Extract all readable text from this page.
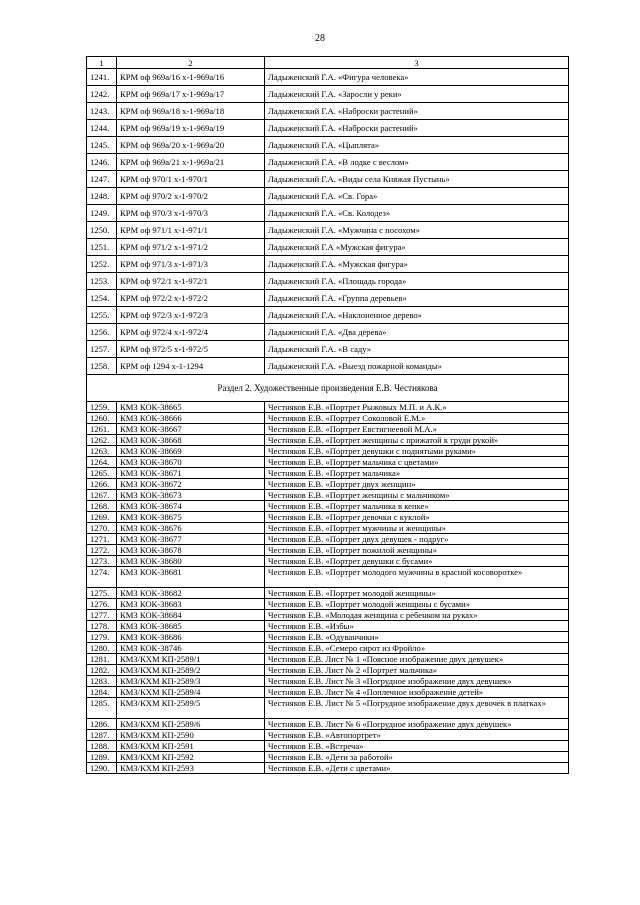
28
1	2	3
1241.	КРМ оф 969а/16 х-1-969а/16	Ладыженский Г.А. «Фигура человека»
1242.	КРМ оф 969а/17 х-1-969а/17	Ладыженский Г.А. «Заросли у реки»
1243.	КРМ оф 969а/18 х-1-969а/18	Ладыженский Г.А. «Наброски растений»
1244.	КРМ оф 969а/19 х-1-969а/19	Ладыженский Г.А. «Наброски растений»
1245.	КРМ оф 969а/20 х-1-969а/20	Ладыженский Г.А. «Цыплята»
1246.	КРМ оф 969а/21 х-1-969а/21	Ладыженский Г.А. «В лодке с веслом»
1247.	КРМ оф 970/1 х-1-970/1	Ладыженский Г.А. «Виды села Княжая Пустынь»
1248.	КРМ оф 970/2 х-1-970/2	Ладыженский Г.А. «Св. Гора»
1249.	КРМ оф 970/3 х-1-970/3	Ладыженский Г.А. «Св. Колодез»
1250.	КРМ оф 971/1 х-1-971/1	Ладыженский Г.А. «Мужчина с посохом»
1251.	КРМ оф 971/2 х-1-971/2	Ладыженский Г.А «Мужская фигура»
1252.	КРМ оф 971/3 х-1-971/3	Ладыженский Г.А. «Мужская фигура»
1253.	КРМ оф 972/1 х-1-972/1	Ладыженский Г.А. «Площадь города»
1254.	КРМ оф 972/2 х-1-972/2	Ладыженский Г.А. «Группа деревьев»
1255.	КРМ оф 972/3 х-1-972/3	Ладыженский Г.А. «Наклоненное дерево»
1256.	КРМ оф 972/4 х-1-972/4	Ладыженский Г.А. «Два дерева»
1257.	КРМ оф 972/5 х-1-972/5	Ладыженский Г.А. «В саду»
1258.	КРМ оф 1294 х-1-1294	Ладыженский Г.А. «Выезд пожарной команды»
Раздел 2. Художественные произведения Е.В. Честнякова		
1259.	КМЗ КОК-38665	Честняков Е.В. «Портрет Рыжовых М.П. и А.К.»
1260.	КМЗ КОК-38666	Честняков Е.В. «Портрет Соколовой Е.М.»
1261.	КМЗ КОК-38667	Честняков Е.В. «Портрет Евстигнеевой М.А.»
1262.	КМЗ КОК-38668	Честняков Е.В. «Портрет женщины с прижатой к груди рукой»
1263.	КМЗ КОК-38669	Честняков Е.В. «Портрет девушки с поднятыми руками»
1264.	КМЗ КОК-38670	Честняков Е.В. «Портрет мальчика с цветами»
1265.	КМЗ КОК-38671	Честняков Е.В. «Портрет мальчика»
1266.	КМЗ КОК-38672	Честняков Е.В. «Портрет двух женщин»
1267.	КМЗ КОК-38673	Честняков Е.В. «Портрет женщины с мальчиком»
1268.	КМЗ КОК-38674	Честняков Е.В. «Портрет мальчика в кепке»
1269.	КМЗ КОК-38675	Честняков Е.В. «Портрет девочки с куклой»
1270.	КМЗ КОК-38676	Честняков Е.В. «Портрет мужчины и женщины»
1271.	КМЗ КОК-38677	Честняков Е.В. «Портрет двух девушек - подруг»
1272.	КМЗ КОК-38678	Честняков Е.В. «Портрет пожилой женщины»
1273.	КМЗ КОК-38680	Честняков Е.В. «Портрет девушки с бусами»
1274.	КМЗ КОК-38681	Честняков Е.В. «Портрет молодого мужчины в красной косоворотке»
1275.	КМЗ КОК-38682	Честняков Е.В. «Портрет молодой женщины»
1276.	КМЗ КОК-38683	Честняков Е.В. «Портрет молодой женщины с бусами»
1277.	КМЗ КОК-38684	Честняков Е.В. «Молодая женщина с ребенком на руках»
1278.	КМЗ КОК-38685	Честняков Е.В. «Избы»
1279.	КМЗ КОК-38686	Честняков Е.В. «Одуванчики»
1280.	КМЗ КОК-38746	Честняков Е.В. «Семеро сирот из Фройло»
1281.	КМЗ/КХМ КП-2589/1	Честняков Е.В. Лист № 1 «Поясное изображение двух девушек»
1282.	КМЗ/КХМ КП-2589/2	Честняков Е.В. Лист № 2 «Портрет мальчика»
1283.	КМЗ/КХМ КП-2589/3	Честняков Е.В. Лист № 3 «Погрудное изображение двух девушек»
1284.	КМЗ/КХМ КП-2589/4	Честняков Е.В. Лист № 4 «Поплечное изображение детей»
1285.	КМЗ/КХМ КП-2589/5	Честняков Е.В. Лист № 5 «Погрудное изображение двух девочек в платках»
1286.	КМЗ/КХМ КП-2589/6	Честняков Е.В. Лист № 6 «Погрудное изображение двух девушек»
1287.	КМЗ/КХМ КП-2590	Честняков Е.В. «Автопортрет»
1288.	КМЗ/КХМ КП-2591	Честняков Е.В. «Встреча»
1289.	КМЗ/КХМ КП-2592	Честняков Е.В. «Дети за работой»
1290.	КМЗ/КХМ КП-2593	Честняков Е.В. «Дети с цветами»
